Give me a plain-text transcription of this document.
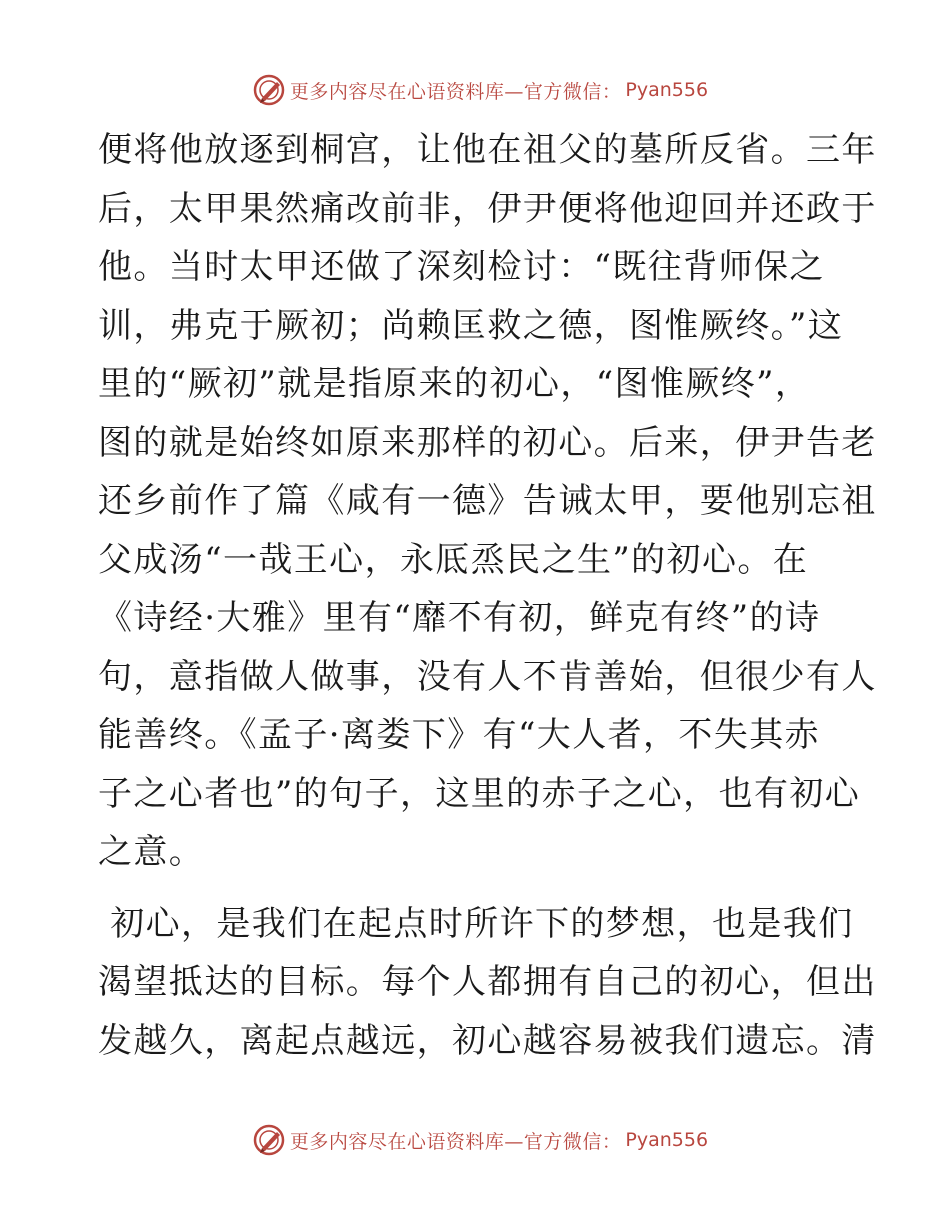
更多内容尽在心语资料库—官方微信： Pyan556
便将他放逐到桐宫，让他在祖父的墓所反省。三年
后，太甲果然痛改前非，伊尹便将他迎回并还政于
他。当时太甲还做了深刻检讨：“既往背师保之
训，弗克于厥初；尚赖匡救之德，图惟厥终。”这
里的“厥初”就是指原来的初心，“图惟厥终”，
图的就是始终如原来那样的初心。后来，伊尹告老
还乡前作了篇《咸有一德》告诫太甲，要他别忘祖
父成汤“一哉王心，永厎烝民之生”的初心。在
《诗经·大雅》里有“靡不有初，鲜克有终”的诗
句，意指做人做事，没有人不肯善始，但很少有人
能善终。《孟子·离娄下》有“大人者，不失其赤
子之心者也”的句子，这里的赤子之心，也有初心
之意。
初心，是我们在起点时所许下的梦想，也是我们
渴望抵达的目标。每个人都拥有自己的初心，但出
发越久，离起点越远，初心越容易被我们遗忘。清
更多内容尽在心语资料库—官方微信： Pyan556
